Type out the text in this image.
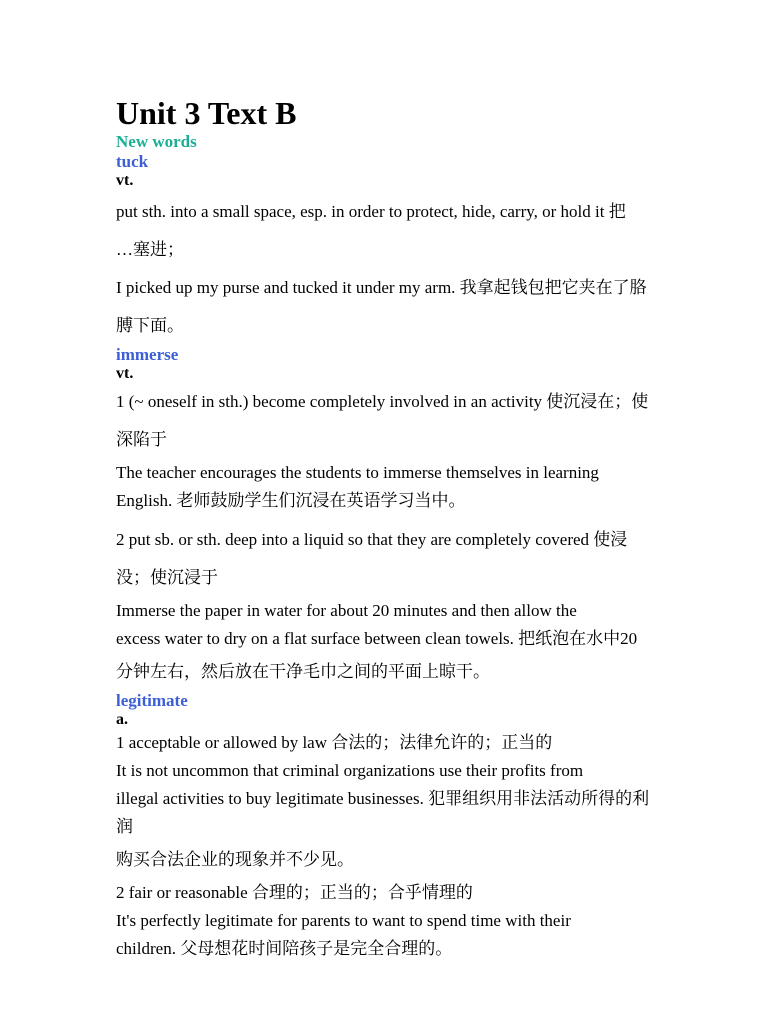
Unit 3 Text B
New words
tuck
vt.
put sth. into a small space, esp. in order to protect, hide, carry, or hold it 把
…塞进；
I picked up my purse and tucked it under my arm. 我拿起钱包把它夹在了胳膊下面。
immerse
vt.
1 (~ oneself in sth.) become completely involved in an activity 使沉浸在；使
深陷于
The teacher encourages the students to immerse themselves in learning
English. 老师鼓励学生们沉浸在英语学习当中。
2 put sb. or sth. deep into a liquid so that they are completely covered 使浸
没；使沉浸于
Immerse the paper in water for about 20 minutes and then allow the
excess water to dry on a flat surface between clean towels. 把纸泡在水中20
分钟左右，然后放在干净毛巾之间的平面上晾干。
legitimate
a.
1 acceptable or allowed by law 合法的；法律允许的；正当的
It is not uncommon that criminal organizations use their profits from
illegal activities to buy legitimate businesses. 犯罪组织用非法活动所得的利润
购买合法企业的现象并不少见。
2 fair or reasonable 合理的；正当的；合乎情理的
It's perfectly legitimate for parents to want to spend time with their
children. 父母想花时间陪孩子是完全合理的。
